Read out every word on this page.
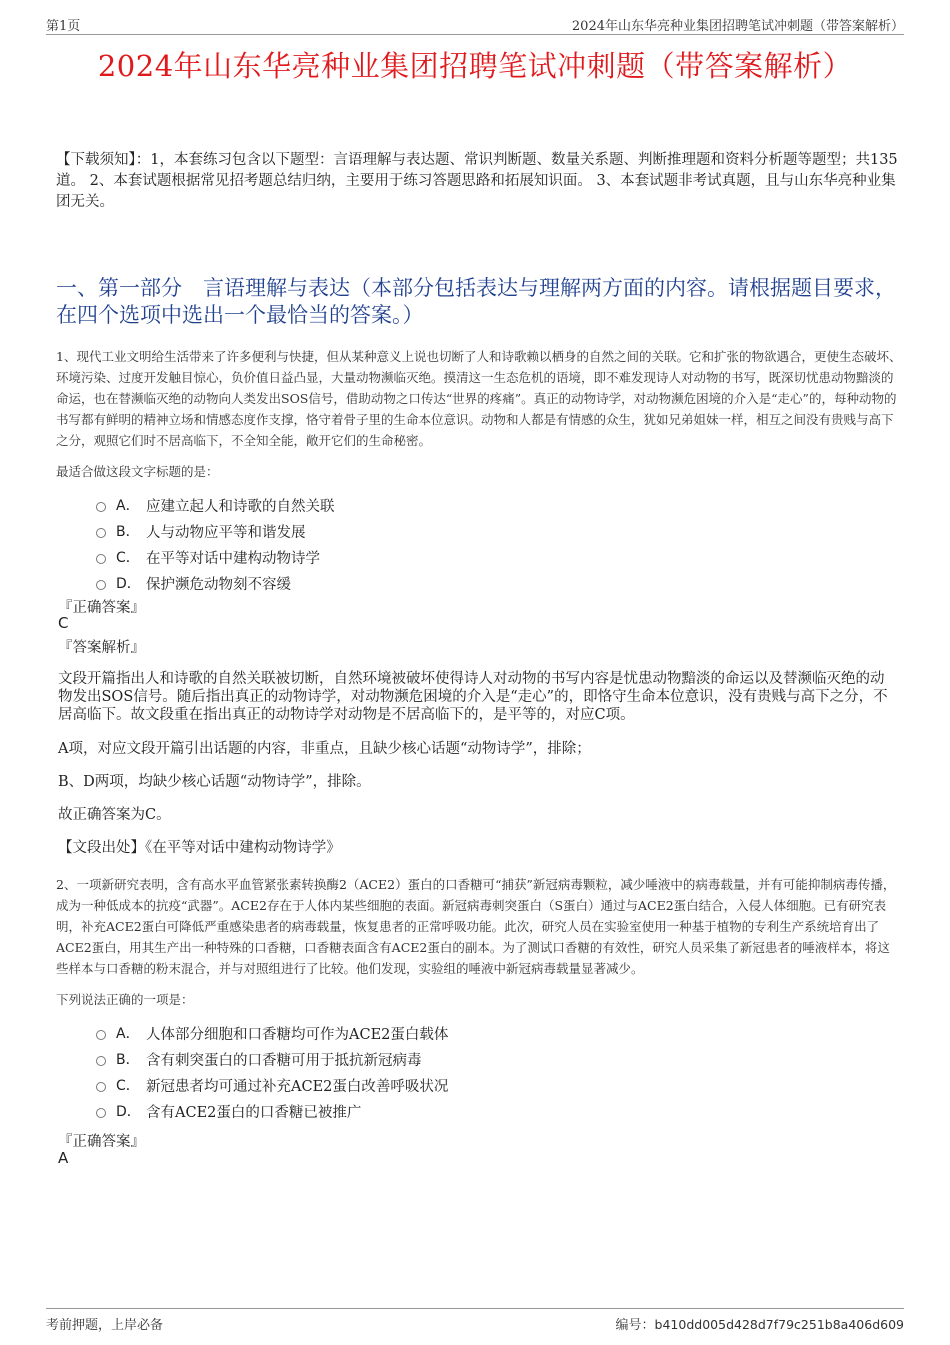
第1页	2024年山东华亮种业集团招聘笔试冲刺题（带答案解析）
2024年山东华亮种业集团招聘笔试冲刺题（带答案解析）
【下载须知】：1，本套练习包含以下题型：言语理解与表达题、常识判断题、数量关系题、判断推理题和资料分析题等题型；共135道。 2、本套试题根据常见招考题总结归纳，主要用于练习答题思路和拓展知识面。 3、本套试题非考试真题，且与山东华亮种业集团无关。
一、第一部分　言语理解与表达（本部分包括表达与理解两方面的内容。请根据题目要求，在四个选项中选出一个最恰当的答案。）
1、现代工业文明给生活带来了许多便利与快捷，但从某种意义上说也切断了人和诗歌赖以栖身的自然之间的关联。它和扩张的物欲遇合，更使生态破坏、环境污染、过度开发触目惊心，负价值日益凸显，大量动物濒临灭绝。摸清这一生态危机的语境，即不难发现诗人对动物的书写，既深切忧患动物黯淡的命运，也在替濒临灭绝的动物向人类发出SOS信号，借助动物之口传达“世界的疼痛”。真正的动物诗学，对动物濒危困境的介入是“走心”的，每种动物的书写都有鲜明的精神立场和情感态度作支撑，恪守着骨子里的生命本位意识。动物和人都是有情感的众生，犹如兄弟姐妹一样，相互之间没有贵贱与高下之分，观照它们时不居高临下，不全知全能，敞开它们的生命秘密。
最适合做这段文字标题的是：
A． 应建立起人和诗歌的自然关联
B． 人与动物应平等和谐发展
C． 在平等对话中建构动物诗学
D． 保护濒危动物刻不容缓
『正确答案』
C
『答案解析』
文段开篇指出人和诗歌的自然关联被切断，自然环境被破坏使得诗人对动物的书写内容是忧患动物黯淡的命运以及替濒临灭绝的动物发出SOS信号。随后指出真正的动物诗学，对动物濒危困境的介入是“走心”的，即恪守生命本位意识，没有贵贱与高下之分，不居高临下。故文段重在指出真正的动物诗学对动物是不居高临下的，是平等的，对应C项。
A项，对应文段开篇引出话题的内容，非重点，且缺少核心话题“动物诗学”，排除；
B、D两项，均缺少核心话题“动物诗学”，排除。
故正确答案为C。
【文段出处】《在平等对话中建构动物诗学》
2、一项新研究表明，含有高水平血管紧张素转换酶2（ACE2）蛋白的口香糖可“捕获”新冠病毒颗粒，减少唾液中的病毒载量，并有可能抑制病毒传播，成为一种低成本的抗疫“武器”。ACE2存在于人体内某些细胞的表面。新冠病毒刺突蛋白（S蛋白）通过与ACE2蛋白结合，入侵人体细胞。已有研究表明，补充ACE2蛋白可降低严重感染患者的病毒载量，恢复患者的正常呼吸功能。此次，研究人员在实验室使用一种基于植物的专利生产系统培育出了ACE2蛋白，用其生产出一种特殊的口香糖，口香糖表面含有ACE2蛋白的副本。为了测试口香糖的有效性，研究人员采集了新冠患者的唾液样本，将这些样本与口香糖的粉末混合，并与对照组进行了比较。他们发现，实验组的唾液中新冠病毒载量显著减少。
下列说法正确的一项是：
A． 人体部分细胞和口香糖均可作为ACE2蛋白载体
B． 含有刺突蛋白的口香糖可用于抵抗新冠病毒
C． 新冠患者均可通过补充ACE2蛋白改善呼吸状况
D． 含有ACE2蛋白的口香糖已被推广
『正确答案』
A
考前押题，上岸必备	编号：b410dd005d428d7f79c251b8a406d609
